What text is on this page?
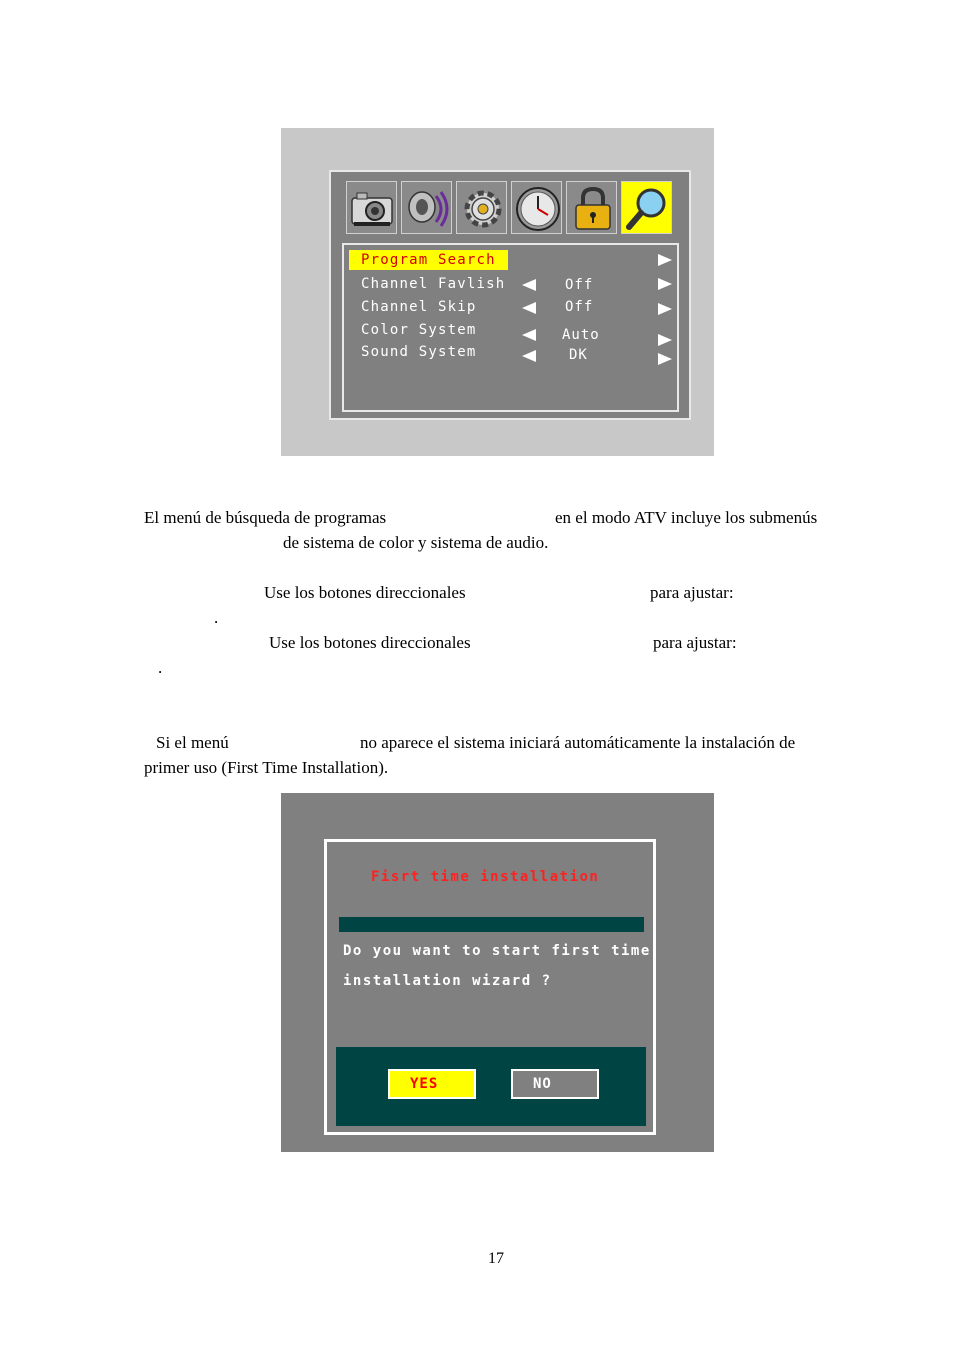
Program Search
Channel Favlish	Off
Channel Skip	Off
Color System	Auto
Sound System	DK
El menú de búsqueda de programas	en el modo ATV incluye los submenús
de sistema de color y sistema de audio.
Use los botones direccionales	para ajustar:
.
Use los botones direccionales	para ajustar:
.
Si el menú	no aparece el sistema iniciará automáticamente la instalación de
primer uso (First Time Installation).
Fisrt time installation
Do you want to start first time
installation wizard ?
YES	NO
17
